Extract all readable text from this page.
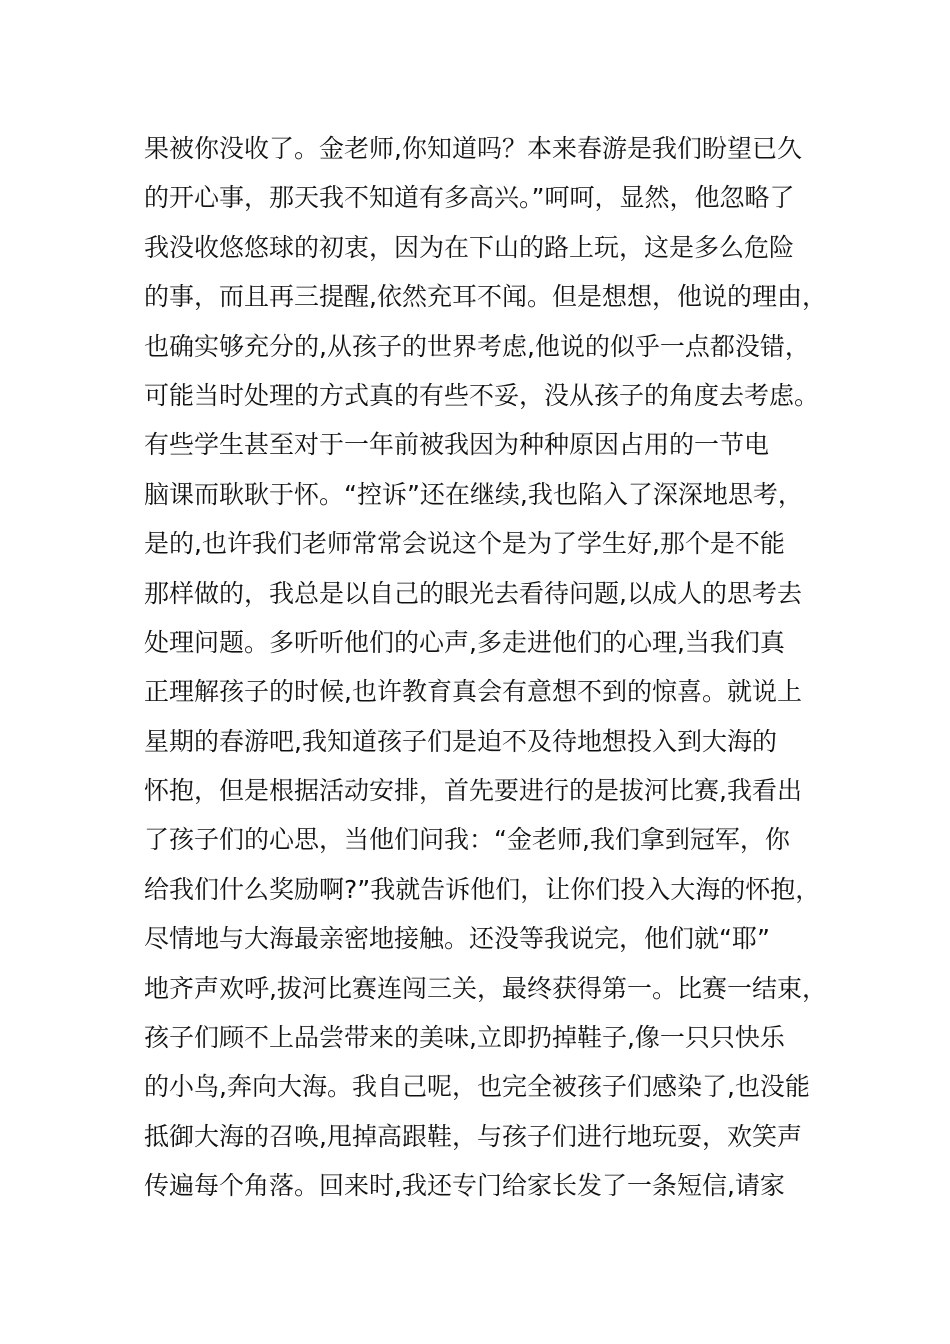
果被你没收了。金老师,你知道吗？本来春游是我们盼望已久
的开心事，那天我不知道有多高兴。”呵呵，显然，他忽略了
我没收悠悠球的初衷，因为在下山的路上玩，这是多么危险
的事，而且再三提醒,依然充耳不闻。但是想想，他说的理由，
也确实够充分的,从孩子的世界考虑,他说的似乎一点都没错，
可能当时处理的方式真的有些不妥，没从孩子的角度去考虑。
有些学生甚至对于一年前被我因为种种原因占用的一节电
脑课而耿耿于怀。“控诉”还在继续,我也陷入了深深地思考，
是的,也许我们老师常常会说这个是为了学生好,那个是不能
那样做的，我总是以自己的眼光去看待问题,以成人的思考去
处理问题。多听听他们的心声,多走进他们的心理,当我们真
正理解孩子的时候,也许教育真会有意想不到的惊喜。就说上
星期的春游吧,我知道孩子们是迫不及待地想投入到大海的
怀抱，但是根据活动安排，首先要进行的是拔河比赛,我看出
了孩子们的心思，当他们问我：“金老师,我们拿到冠军，你
给我们什么奖励啊?”我就告诉他们，让你们投入大海的怀抱，
尽情地与大海最亲密地接触。还没等我说完，他们就“耶”
地齐声欢呼,拔河比赛连闯三关，最终获得第一。比赛一结束，
孩子们顾不上品尝带来的美味,立即扔掉鞋子,像一只只快乐
的小鸟,奔向大海。我自己呢，也完全被孩子们感染了,也没能
抵御大海的召唤,甩掉高跟鞋，与孩子们进行地玩耍，欢笑声
传遍每个角落。回来时,我还专门给家长发了一条短信,请家
